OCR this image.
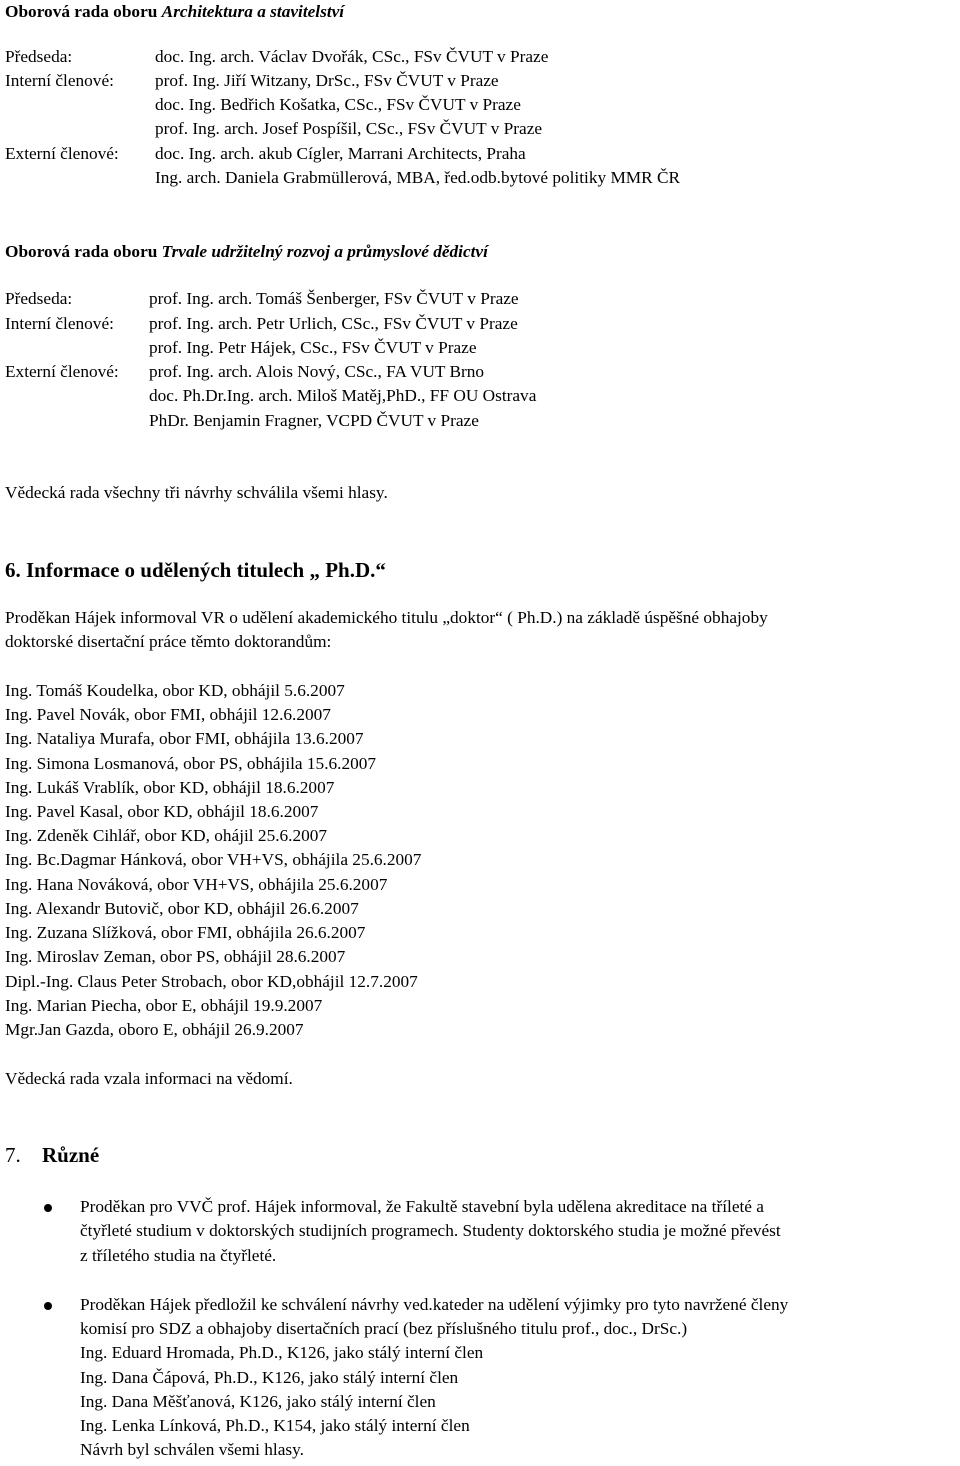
Oborová rada oboru Architektura a stavitelství
Předseda:	doc. Ing. arch. Václav Dvořák, CSc., FSv ČVUT v Praze
Interní členové: prof. Ing. Jiří Witzany, DrSc., FSv ČVUT v Praze
doc. Ing. Bedřich Košatka, CSc., FSv ČVUT v Praze
prof. Ing. arch. Josef Pospíšil, CSc., FSv ČVUT v Praze
Externí členové: doc. Ing. arch. akub Cígler, Marrani Architects, Praha
Ing. arch. Daniela Grabmüllerová, MBA, řed.odb.bytové politiky MMR ČR
Oborová rada oboru Trvale udržitelný rozvoj a průmyslové dědictví
Předseda:	prof. Ing. arch. Tomáš Šenberger, FSv ČVUT v Praze
Interní členové: prof. Ing. arch. Petr Urlich, CSc., FSv ČVUT v Praze
prof. Ing. Petr Hájek, CSc., FSv ČVUT v Praze
Externí členové: prof. Ing. arch. Alois Nový, CSc., FA VUT Brno
doc. Ph.Dr.Ing. arch. Miloš Matěj,PhD., FF OU Ostrava
PhDr. Benjamin Fragner, VCPD ČVUT v Praze
Vědecká rada všechny tři návrhy schválila všemi hlasy.
6. Informace o udělených titulech „ Ph.D.“
Proděkan Hájek informoval VR o udělení akademického titulu „doktor“ ( Ph.D.) na základě úspěšné obhajoby
doktorské disertační práce těmto doktorandům:
Ing. Tomáš Koudelka, obor KD, obhájil 5.6.2007
Ing. Pavel Novák, obor FMI, obhájil 12.6.2007
Ing. Nataliya Murafa, obor FMI, obhájila 13.6.2007
Ing. Simona Losmanová, obor PS, obhájila 15.6.2007
Ing. Lukáš Vrablík, obor KD, obhájil 18.6.2007
Ing. Pavel Kasal, obor KD, obhájil 18.6.2007
Ing. Zdeněk Cihlář, obor KD, ohájil 25.6.2007
Ing. Bc.Dagmar Hánková, obor VH+VS, obhájila 25.6.2007
Ing. Hana Nováková, obor VH+VS, obhájila 25.6.2007
Ing. Alexandr Butovič, obor KD, obhájil 26.6.2007
Ing. Zuzana Slížková, obor FMI, obhájila 26.6.2007
Ing. Miroslav Zeman, obor PS, obhájil 28.6.2007
Dipl.-Ing. Claus Peter Strobach, obor KD,obhájil 12.7.2007
Ing. Marian Piecha, obor E, obhájil 19.9.2007
Mgr.Jan Gazda, oboro E, obhájil 26.9.2007
Vědecká rada vzala informaci na vědomí.
7. Různé
Proděkan pro VVČ prof. Hájek informoval, že Fakultě stavební byla udělena akreditace na tříleté a
čtyřleté studium v doktorských studijních programech. Studenty doktorského studia je možné převést
z tříletého studia na čtyřleté.
Proděkan Hájek předložil ke schválení návrhy ved.kateder na udělení výjimky pro tyto navržené členy
komisí pro SDZ a obhajoby disertačních prací (bez příslušného titulu prof., doc., DrSc.)
Ing. Eduard Hromada, Ph.D., K126, jako stálý interní člen
Ing. Dana Čápová, Ph.D., K126, jako stálý interní člen
Ing. Dana Měšťanová, K126, jako stálý interní člen
Ing. Lenka Línková, Ph.D., K154, jako stálý interní člen
Návrh byl schválen všemi hlasy.
